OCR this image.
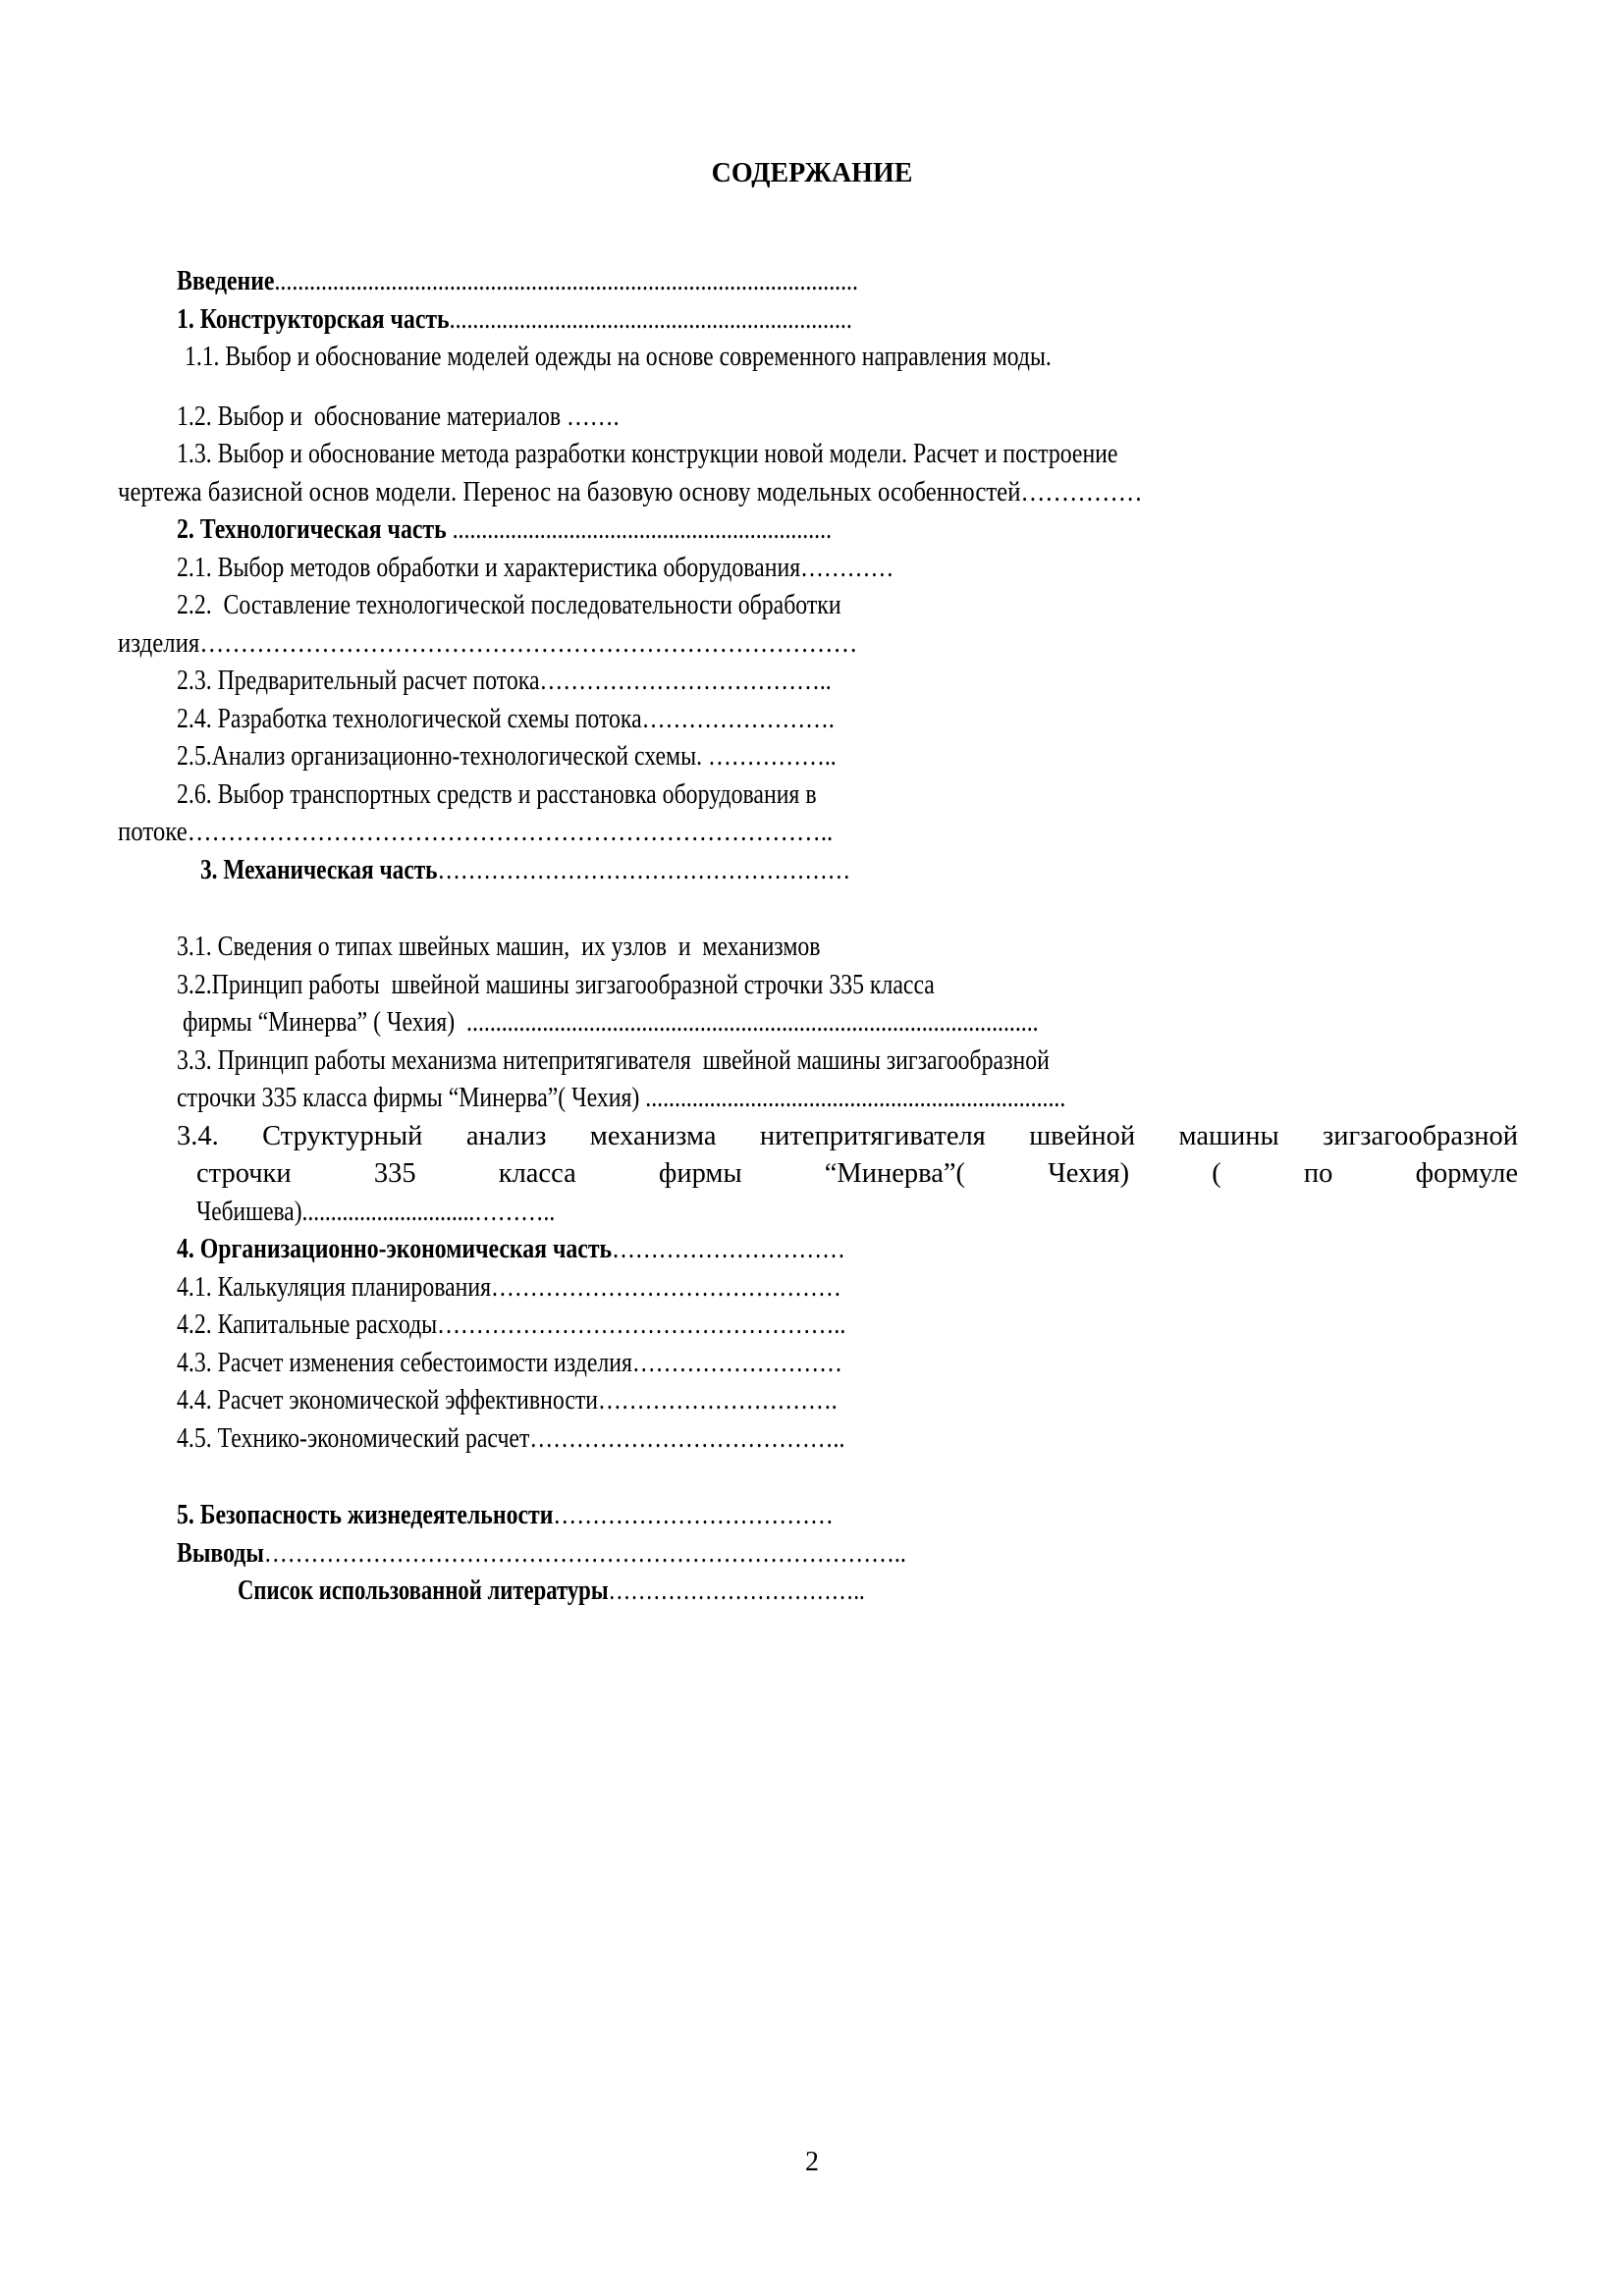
СОДЕРЖАНИЕ
Введение....................................................................................................
1. Конструкторская часть.....................................................................
1.1. Выбор и обоснование моделей одежды на основе современного направления моды.
1.2. Выбор и  обоснование материалов …….
1.3. Выбор и обоснование метода разработки конструкции новой модели. Расчет и построение
чертежа базисной основ модели. Перенос на базовую основу модельных особенностей……………
2. Технологическая часть .................................................................
2.1. Выбор методов обработки и характеристика оборудования…………
2.2.  Составление технологической последовательности обработки
изделия………………………………………………………………………
2.3. Предварительный расчет потока………………………………..
2.4. Разработка технологической схемы потока…………………….
2.5.Анализ организационно-технологической схемы. ……………..
2.6. Выбор транспортных средств и расстановка оборудования в
потоке……………………………………………………………………..
3. Механическая часть………………………………………………
3.1. Сведения о типах швейных машин,  их узлов  и  механизмов
3.2.Принцип работы  швейной машины зигзагообразной строчки 335 класса
фирмы “Минерва” ( Чехия)  ..................................................................................................
3.3. Принцип работы механизма нитепритягивателя  швейной машины зигзагообразной
строчки 335 класса фирмы “Минерва”( Чехия) ........................................................................
3.4. Структурный анализ механизма нитепритягивателя швейной машины зигзагообразной
строчки	335	класса	фирмы	“Минерва”(	Чехия)	(	по	формуле
Чебишева)..............................………..
4. Организационно-экономическая часть…………………………
4.1. Калькуляция планирования………………………………………
4.2. Капитальные расходы……………………………………………..
4.3. Расчет изменения себестоимости изделия………………………
4.4. Расчет экономической эффективности………………………….
4.5. Технико-экономический расчет…………………………………..
5. Безопасность жизнедеятельности………………………………
Выводы………………………………………………………………………..
Список использованной литературы……………………………..
2
